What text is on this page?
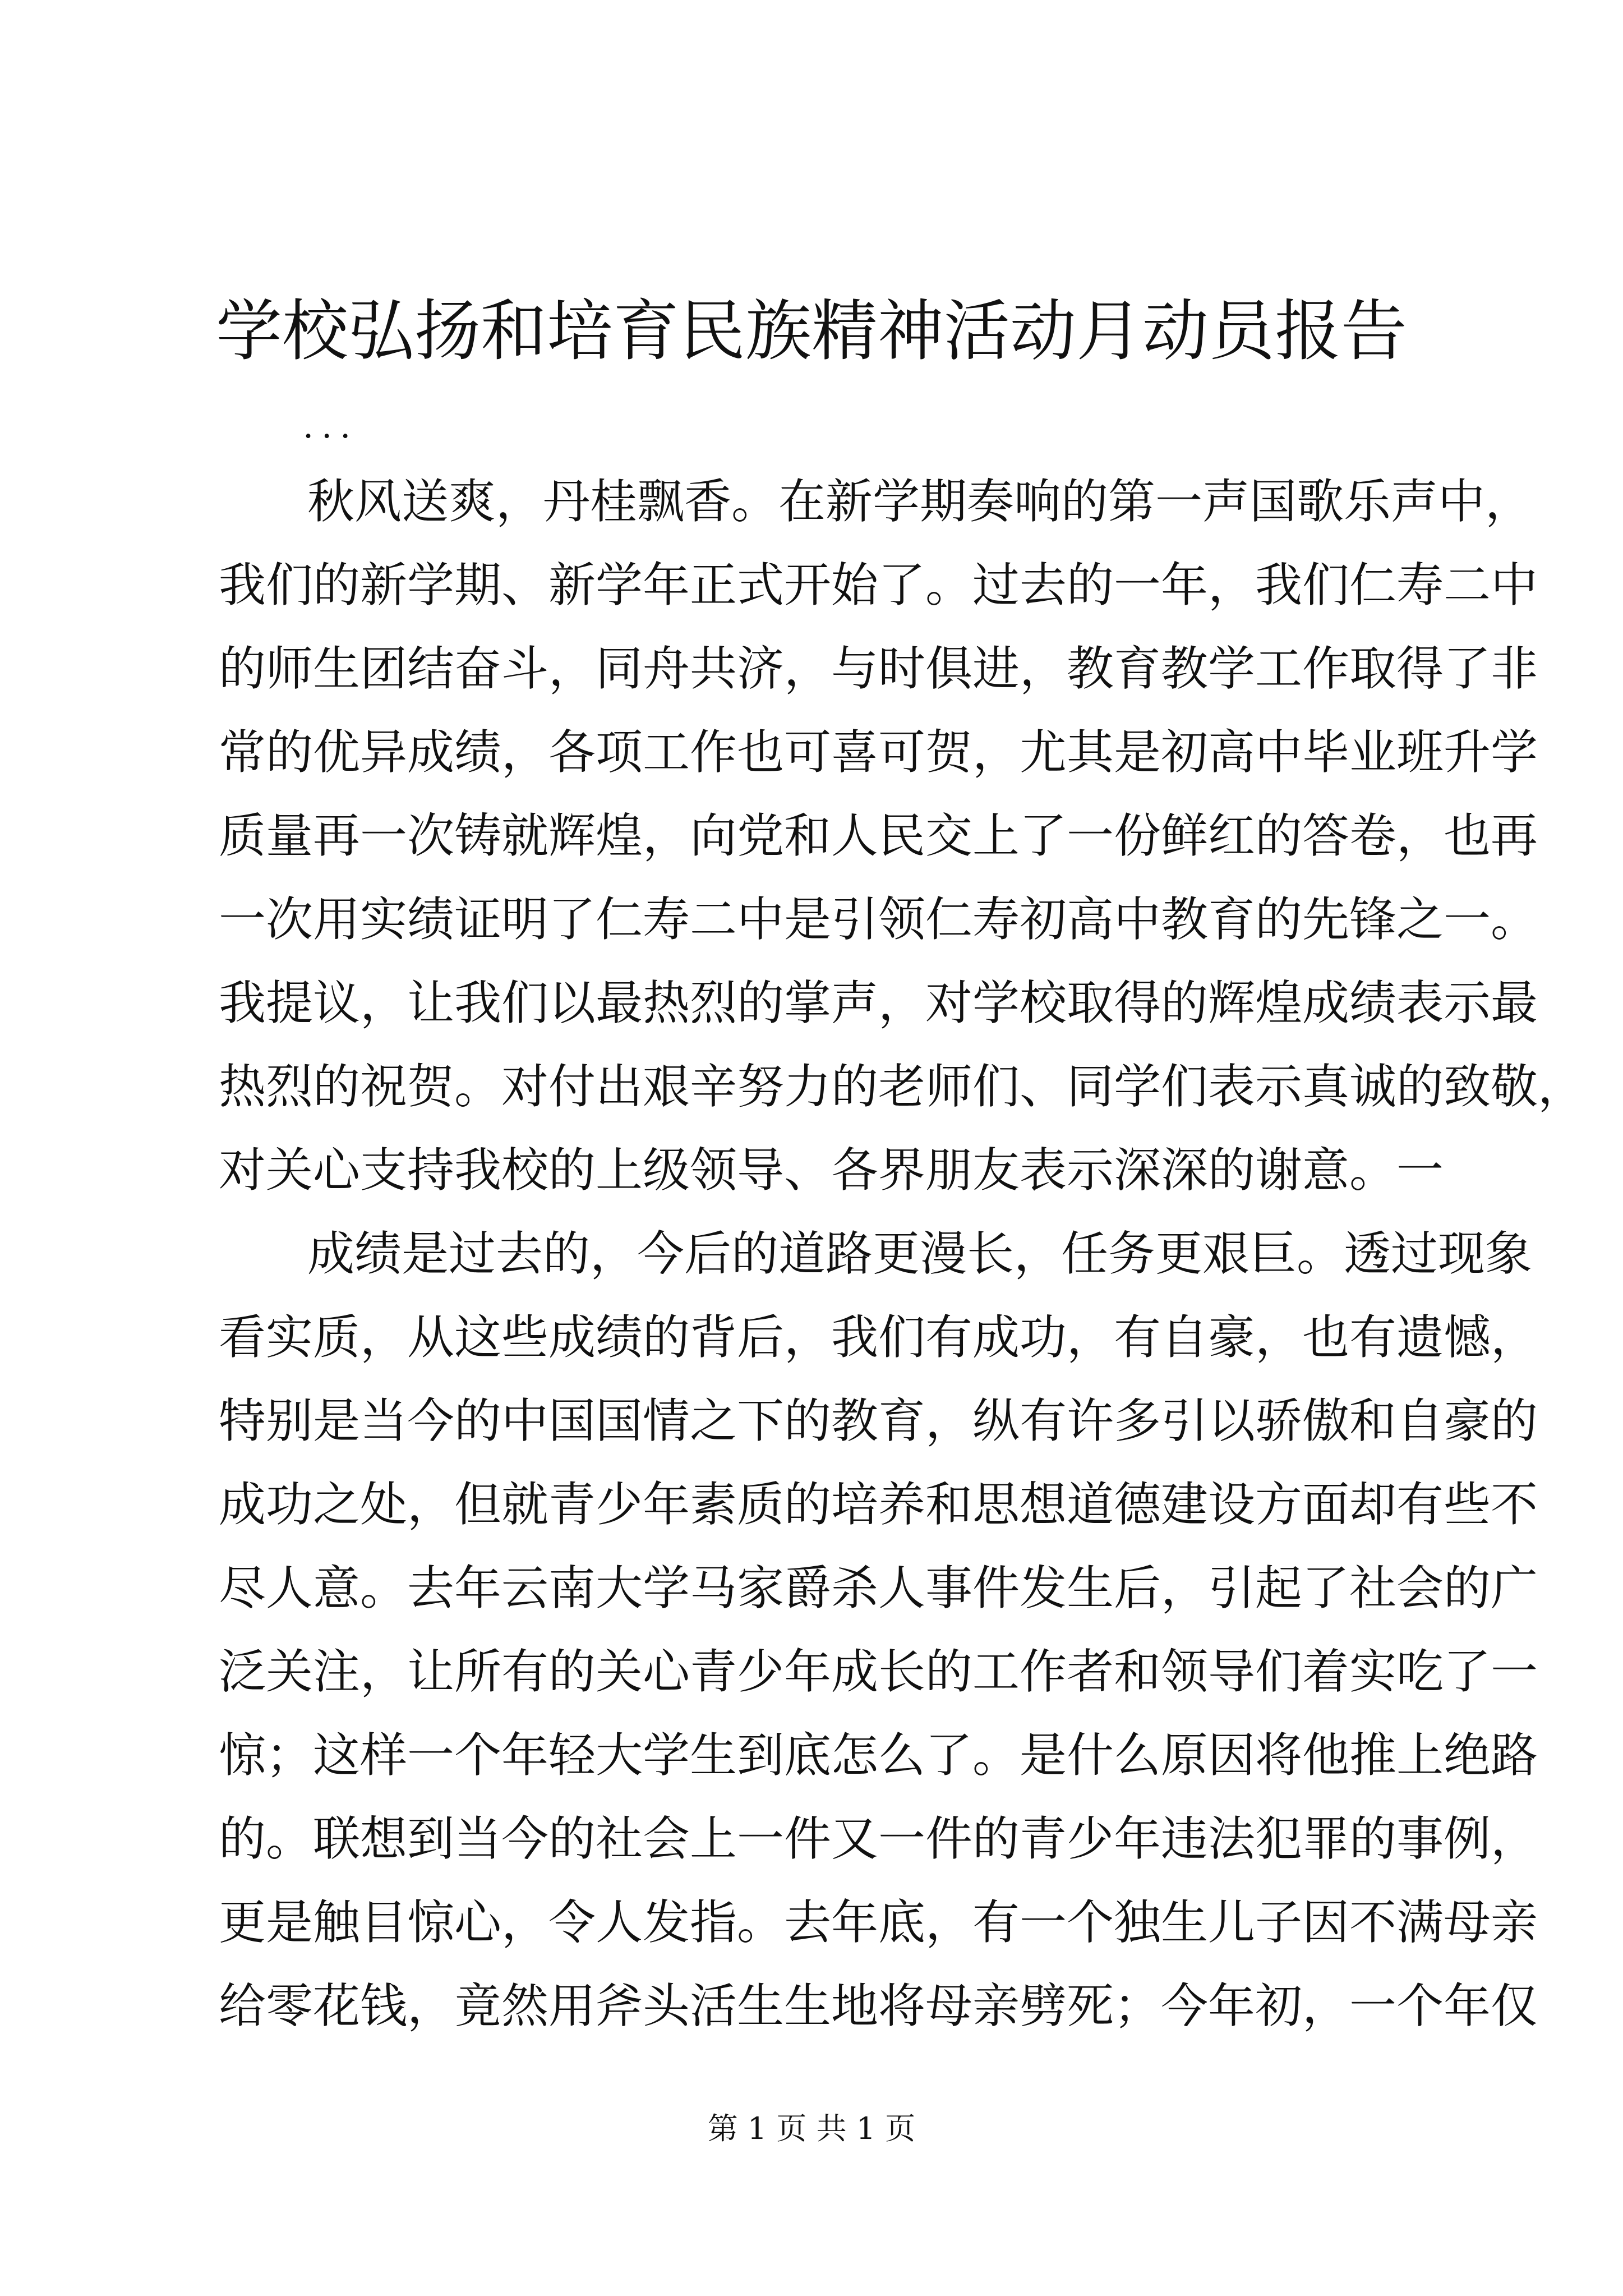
学校弘扬和培育民族精神活动月动员报告
...
秋风送爽，丹桂飘香。在新学期奏响的第一声国歌乐声中，
我们的新学期、新学年正式开始了。过去的一年，我们仁寿二中
的师生团结奋斗，同舟共济，与时俱进，教育教学工作取得了非
常的优异成绩，各项工作也可喜可贺，尤其是初高中毕业班升学
质量再一次铸就辉煌，向党和人民交上了一份鲜红的答卷，也再
一次用实绩证明了仁寿二中是引领仁寿初高中教育的先锋之一。
我提议，让我们以最热烈的掌声，对学校取得的辉煌成绩表示最
热烈的祝贺。对付出艰辛努力的老师们、同学们表示真诚的致敬，
对关心支持我校的上级领导、各界朋友表示深深的谢意。一
成绩是过去的，今后的道路更漫长，任务更艰巨。透过现象
看实质，从这些成绩的背后，我们有成功，有自豪，也有遗憾，
特别是当今的中国国情之下的教育，纵有许多引以骄傲和自豪的
成功之处，但就青少年素质的培养和思想道德建设方面却有些不
尽人意。去年云南大学马家爵杀人事件发生后，引起了社会的广
泛关注，让所有的关心青少年成长的工作者和领导们着实吃了一
惊；这样一个年轻大学生到底怎么了。是什么原因将他推上绝路
的。联想到当今的社会上一件又一件的青少年违法犯罪的事例，
更是触目惊心，令人发指。去年底，有一个独生儿子因不满母亲
给零花钱，竟然用斧头活生生地将母亲劈死；今年初，一个年仅
第 1 页 共 1 页
